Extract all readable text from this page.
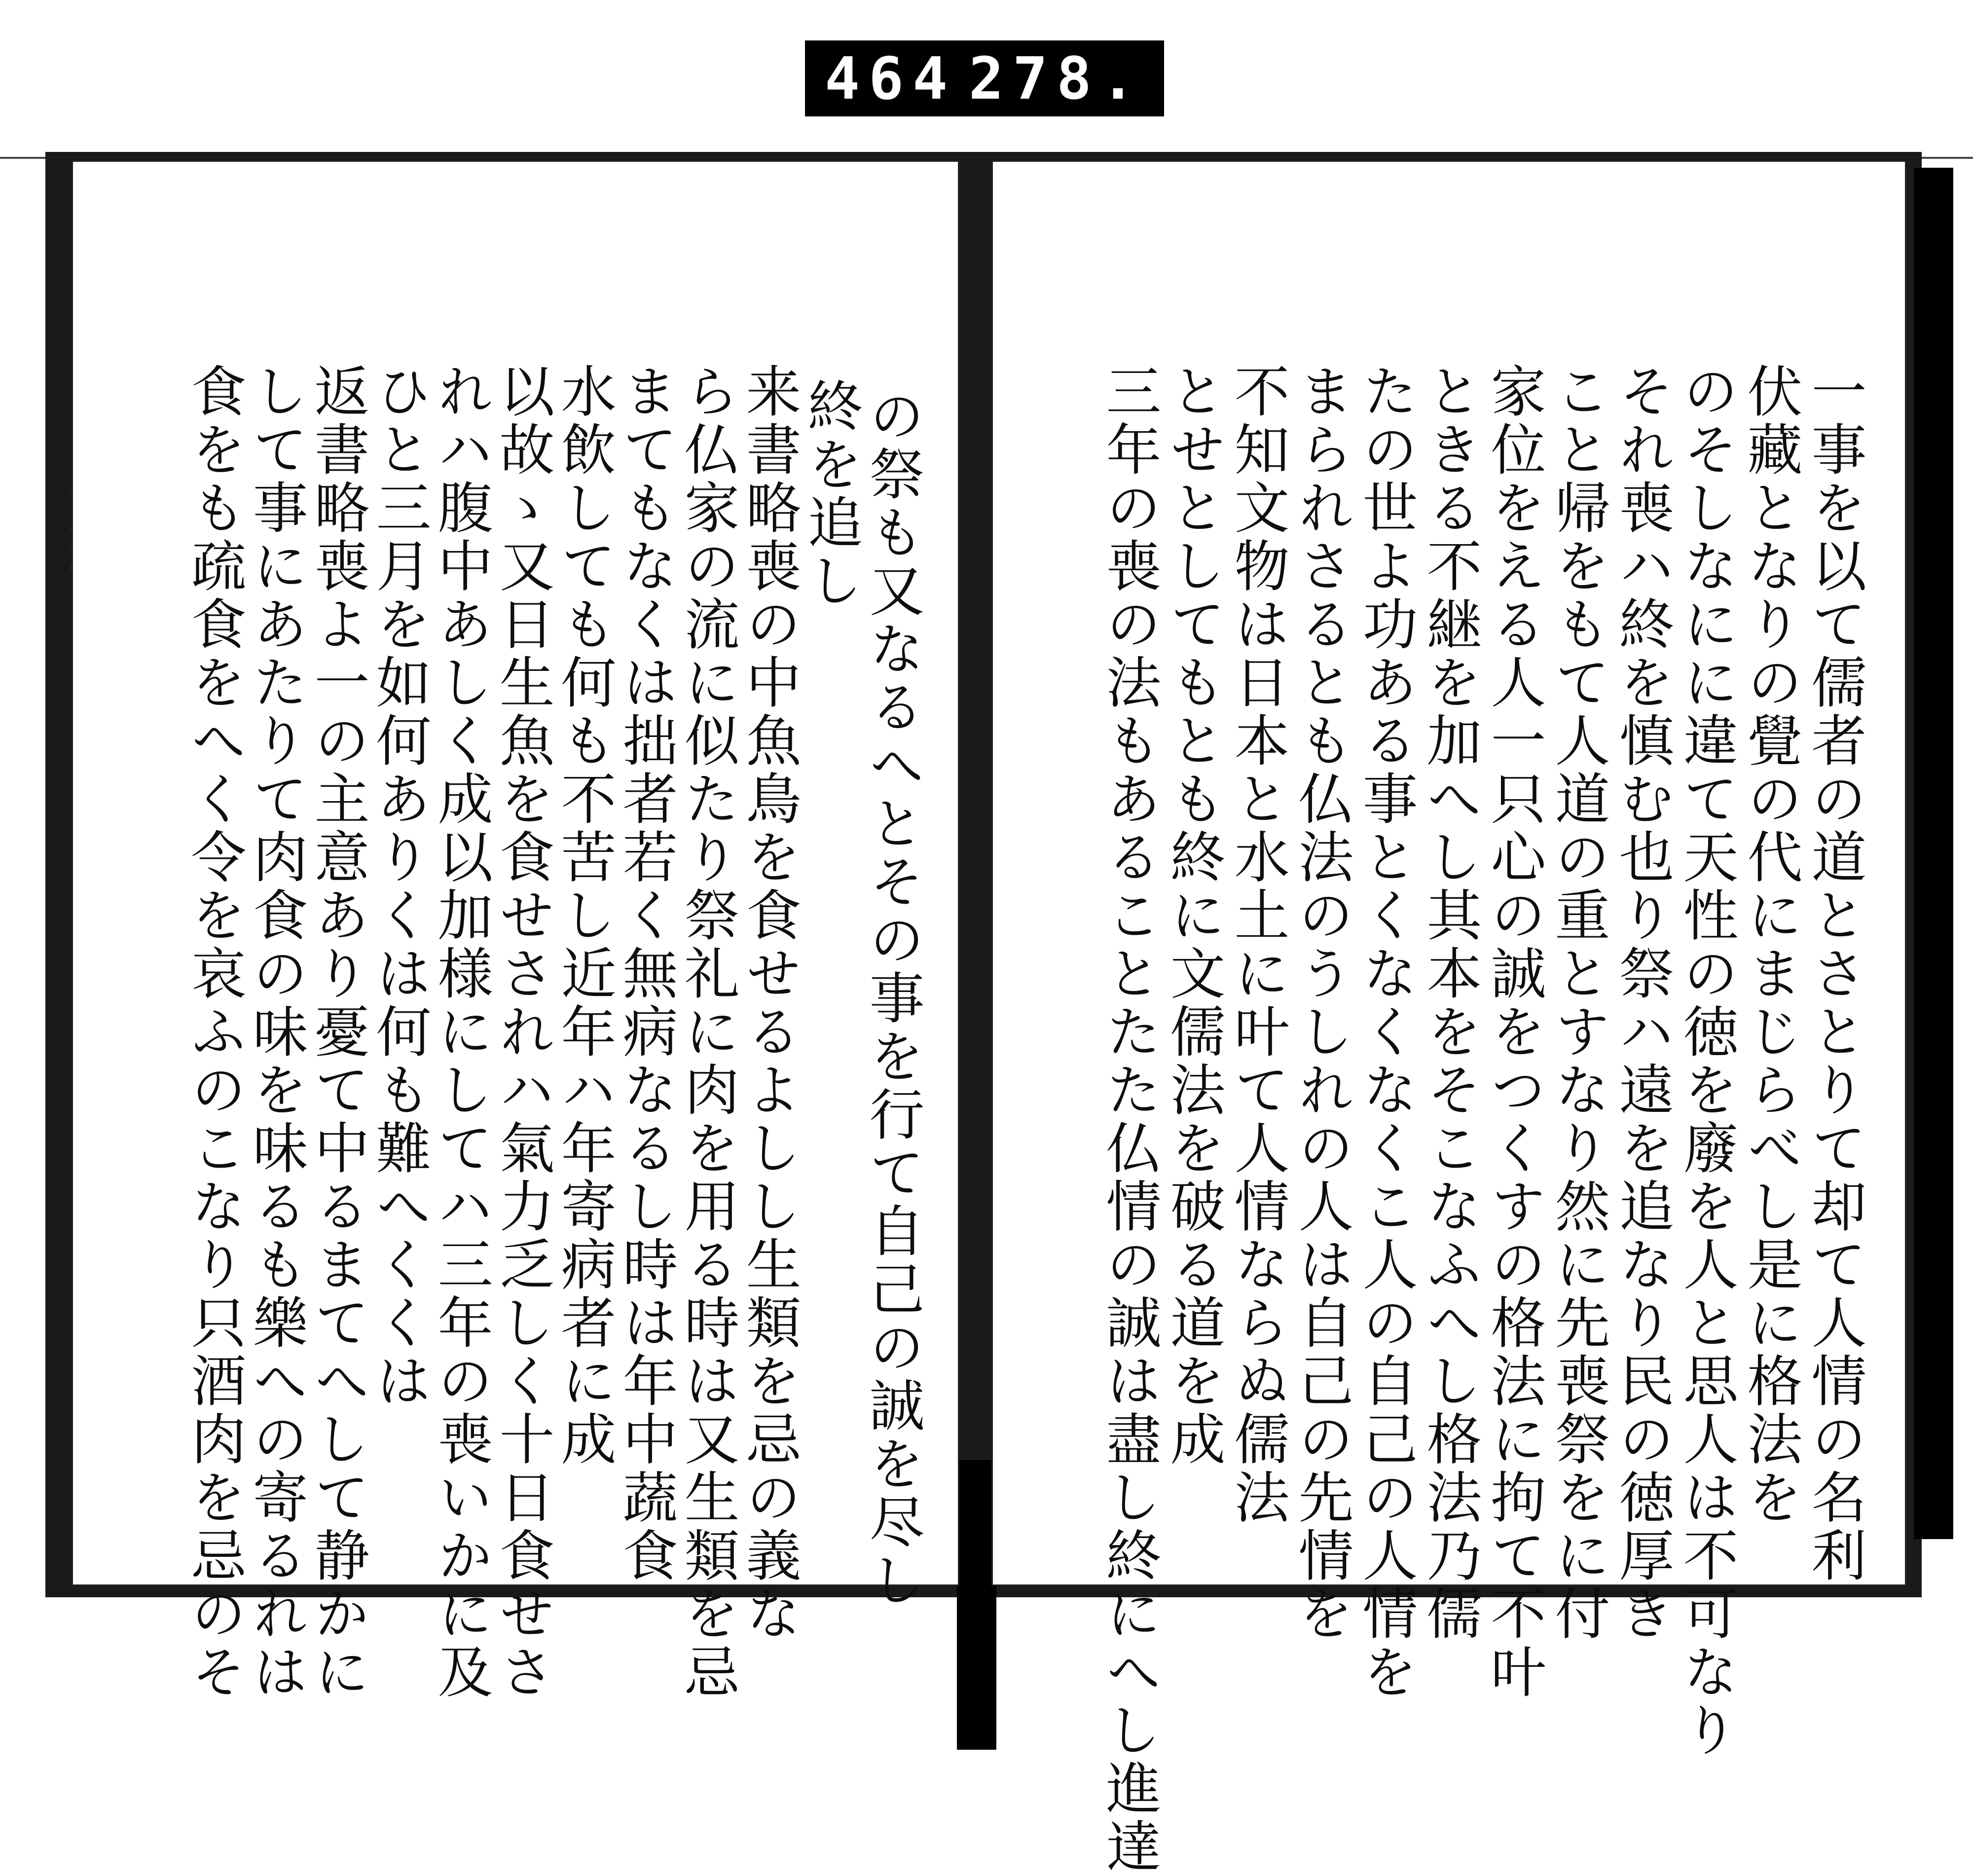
464 278.
一事を以て儒者の道とさとりて却て人情の名利
伏藏となりの覺の代にまじらべし是に格法を
のそしなにに違て天性の徳を廢を人と思人は不可なり
それ喪ハ終を慎む也り祭ハ遠を追なり民の徳厚き
こと帰をもて人道の重とすなり然に先喪祭をに付
家位をえる人一只心の誠をつくすの格法に拘て不叶
ときる不継を加へし其本をそこなふへし格法乃儒
たの世よ功ある事とくなくなくこ人の自己の人情を
まられさるとも仏法のうしれの人は自己の先情を
不知文物は日本と水土に叶て人情ならぬ儒法
とせとしてもとも終に文儒法を破る道を成
三年の喪の法もあることたた仏情の誠は盡し終にへし進達
の祭も又なるへとその事を行て自己の誠を尽し
終を追し
来書略喪の中魚鳥を食せるよしし生類を忌の義な
ら仏家の流に似たり祭礼に肉を用る時は又生類を忌
まてもなくは拙者若く無病なるし時は年中蔬食
水飲しても何も不苦し近年ハ年寄病者に成
以故ゝ又日生魚を食せされハ氣力乏しく十日食せさ
れハ腹中あしく成以加様にしてハ三年の喪いかに及
ひと三月を如何ありくは何も難へくくは
返書略喪よ一の主意あり憂て中るまてへして静かに
して事にあたりて肉食の味を味るも樂への寄るれは
食をも疏食をへく令を哀ふのこなり只酒肉を忌のそ
